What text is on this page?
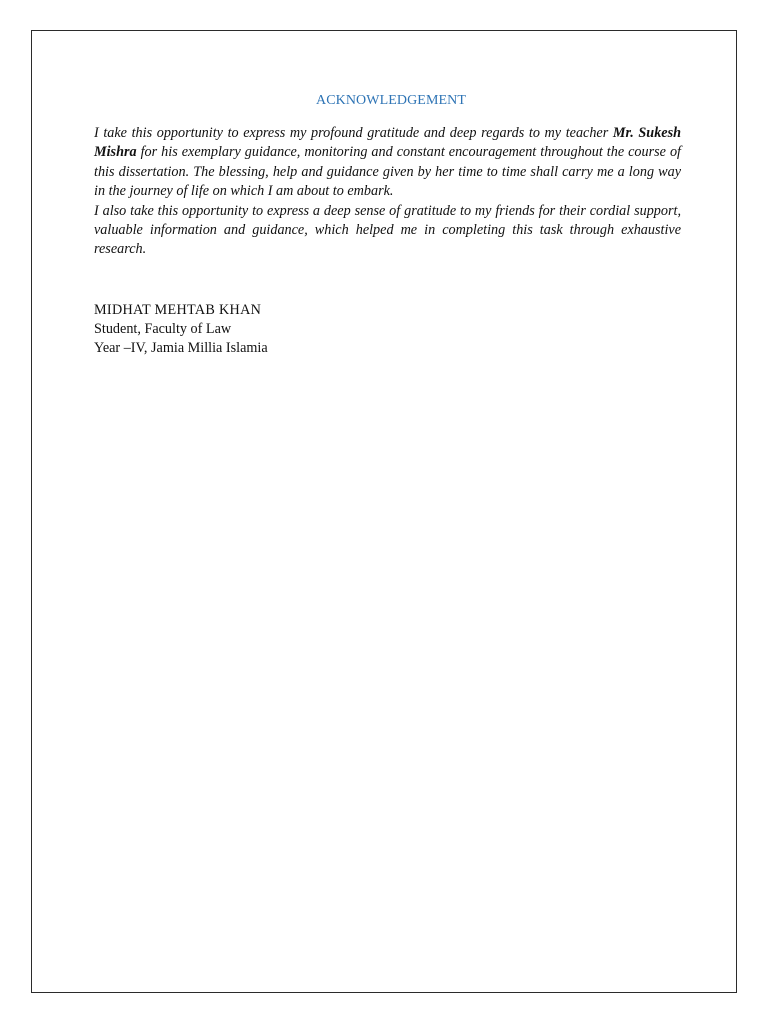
ACKNOWLEDGEMENT

I take this opportunity to express my profound gratitude and deep regards to my teacher Mr. Sukesh Mishra for his exemplary guidance, monitoring and constant encouragement throughout the course of this dissertation. The blessing, help and guidance given by her time to time shall carry me a long way in the journey of life on which I am about to embark.

I also take this opportunity to express a deep sense of gratitude to my friends for their cordial support, valuable information and guidance, which helped me in completing this task through exhaustive research.

MIDHAT MEHTAB KHAN
Student, Faculty of Law
Year –IV, Jamia Millia Islamia
